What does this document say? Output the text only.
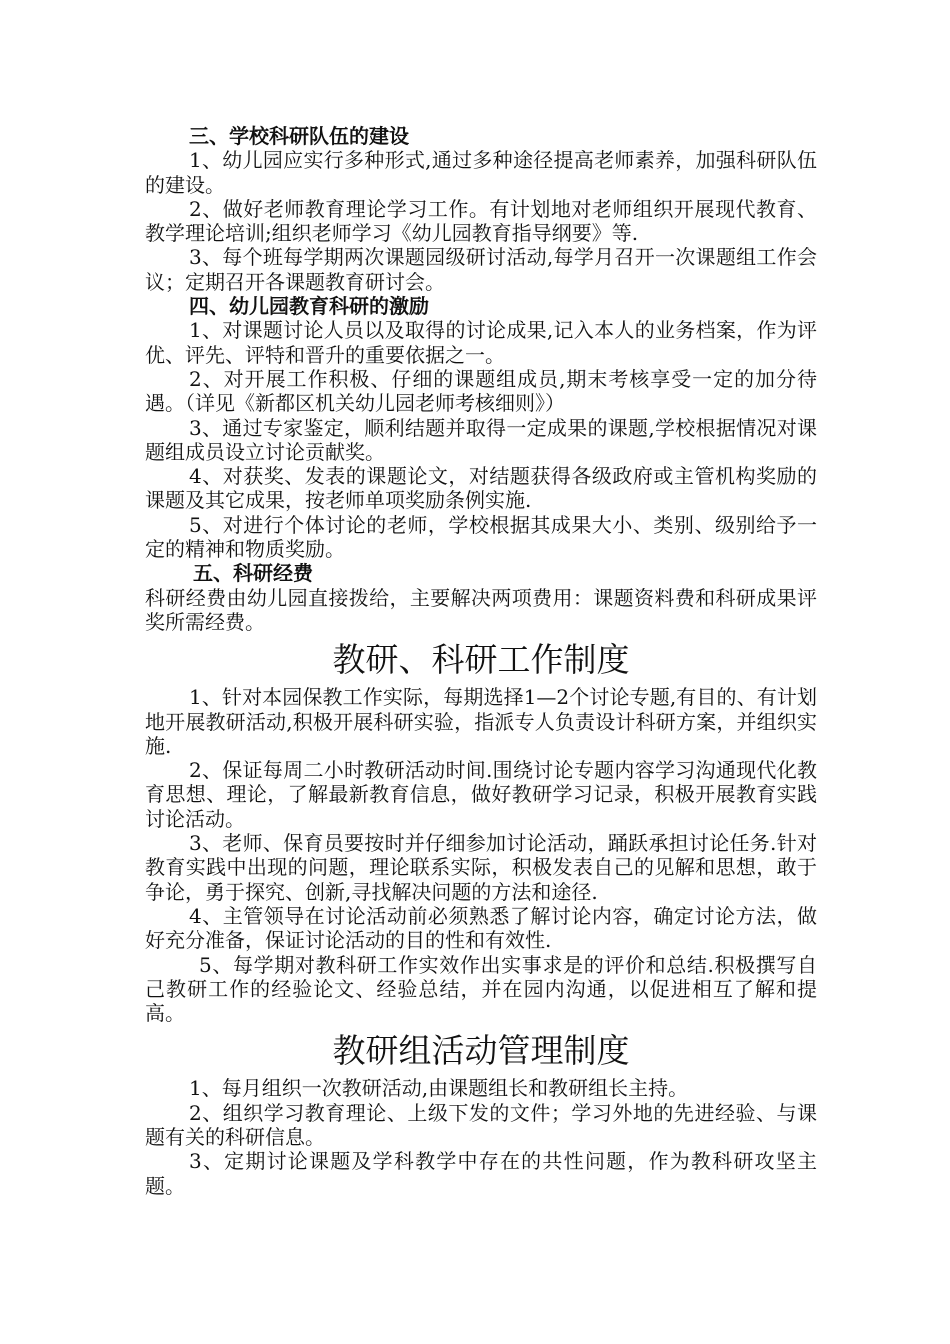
三、学校科研队伍的建设

1、幼儿园应实行多种形式,通过多种途径提高老师素养，加强科研队伍的建设。

2、做好老师教育理论学习工作。有计划地对老师组织开展现代教育、教学理论培训;组织老师学习《幼儿园教育指导纲要》等.

3、每个班每学期两次课题园级研讨活动,每学月召开一次课题组工作会议；定期召开各课题教育研讨会。

四、幼儿园教育科研的激励

1、对课题讨论人员以及取得的讨论成果,记入本人的业务档案，作为评优、评先、评特和晋升的重要依据之一。

2、对开展工作积极、仔细的课题组成员,期末考核享受一定的加分待遇。（详见《新都区机关幼儿园老师考核细则》）

3、通过专家鉴定，顺利结题并取得一定成果的课题,学校根据情况对课题组成员设立讨论贡献奖。

4、对获奖、发表的课题论文，对结题获得各级政府或主管机构奖励的课题及其它成果，按老师单项奖励条例实施.

5、对进行个体讨论的老师，学校根据其成果大小、类别、级别给予一定的精神和物质奖励。

五、科研经费

科研经费由幼儿园直接拨给，主要解决两项费用：课题资料费和科研成果评奖所需经费。

教研、科研工作制度

1、针对本园保教工作实际，每期选择1—2个讨论专题,有目的、有计划地开展教研活动,积极开展科研实验，指派专人负责设计科研方案，并组织实施.

2、保证每周二小时教研活动时间.围绕讨论专题内容学习沟通现代化教育思想、理论，了解最新教育信息，做好教研学习记录，积极开展教育实践讨论活动。

3、老师、保育员要按时并仔细参加讨论活动，踊跃承担讨论任务.针对教育实践中出现的问题，理论联系实际，积极发表自己的见解和思想，敢于争论，勇于探究、创新,寻找解决问题的方法和途径.

4、主管领导在讨论活动前必须熟悉了解讨论内容，确定讨论方法，做好充分准备，保证讨论活动的目的性和有效性.

5、每学期对教科研工作实效作出实事求是的评价和总结.积极撰写自己教研工作的经验论文、经验总结，并在园内沟通，以促进相互了解和提高。

教研组活动管理制度

1、每月组织一次教研活动,由课题组长和教研组长主持。

2、组织学习教育理论、上级下发的文件；学习外地的先进经验、与课题有关的科研信息。

3、定期讨论课题及学科教学中存在的共性问题，作为教科研攻坚主题。
